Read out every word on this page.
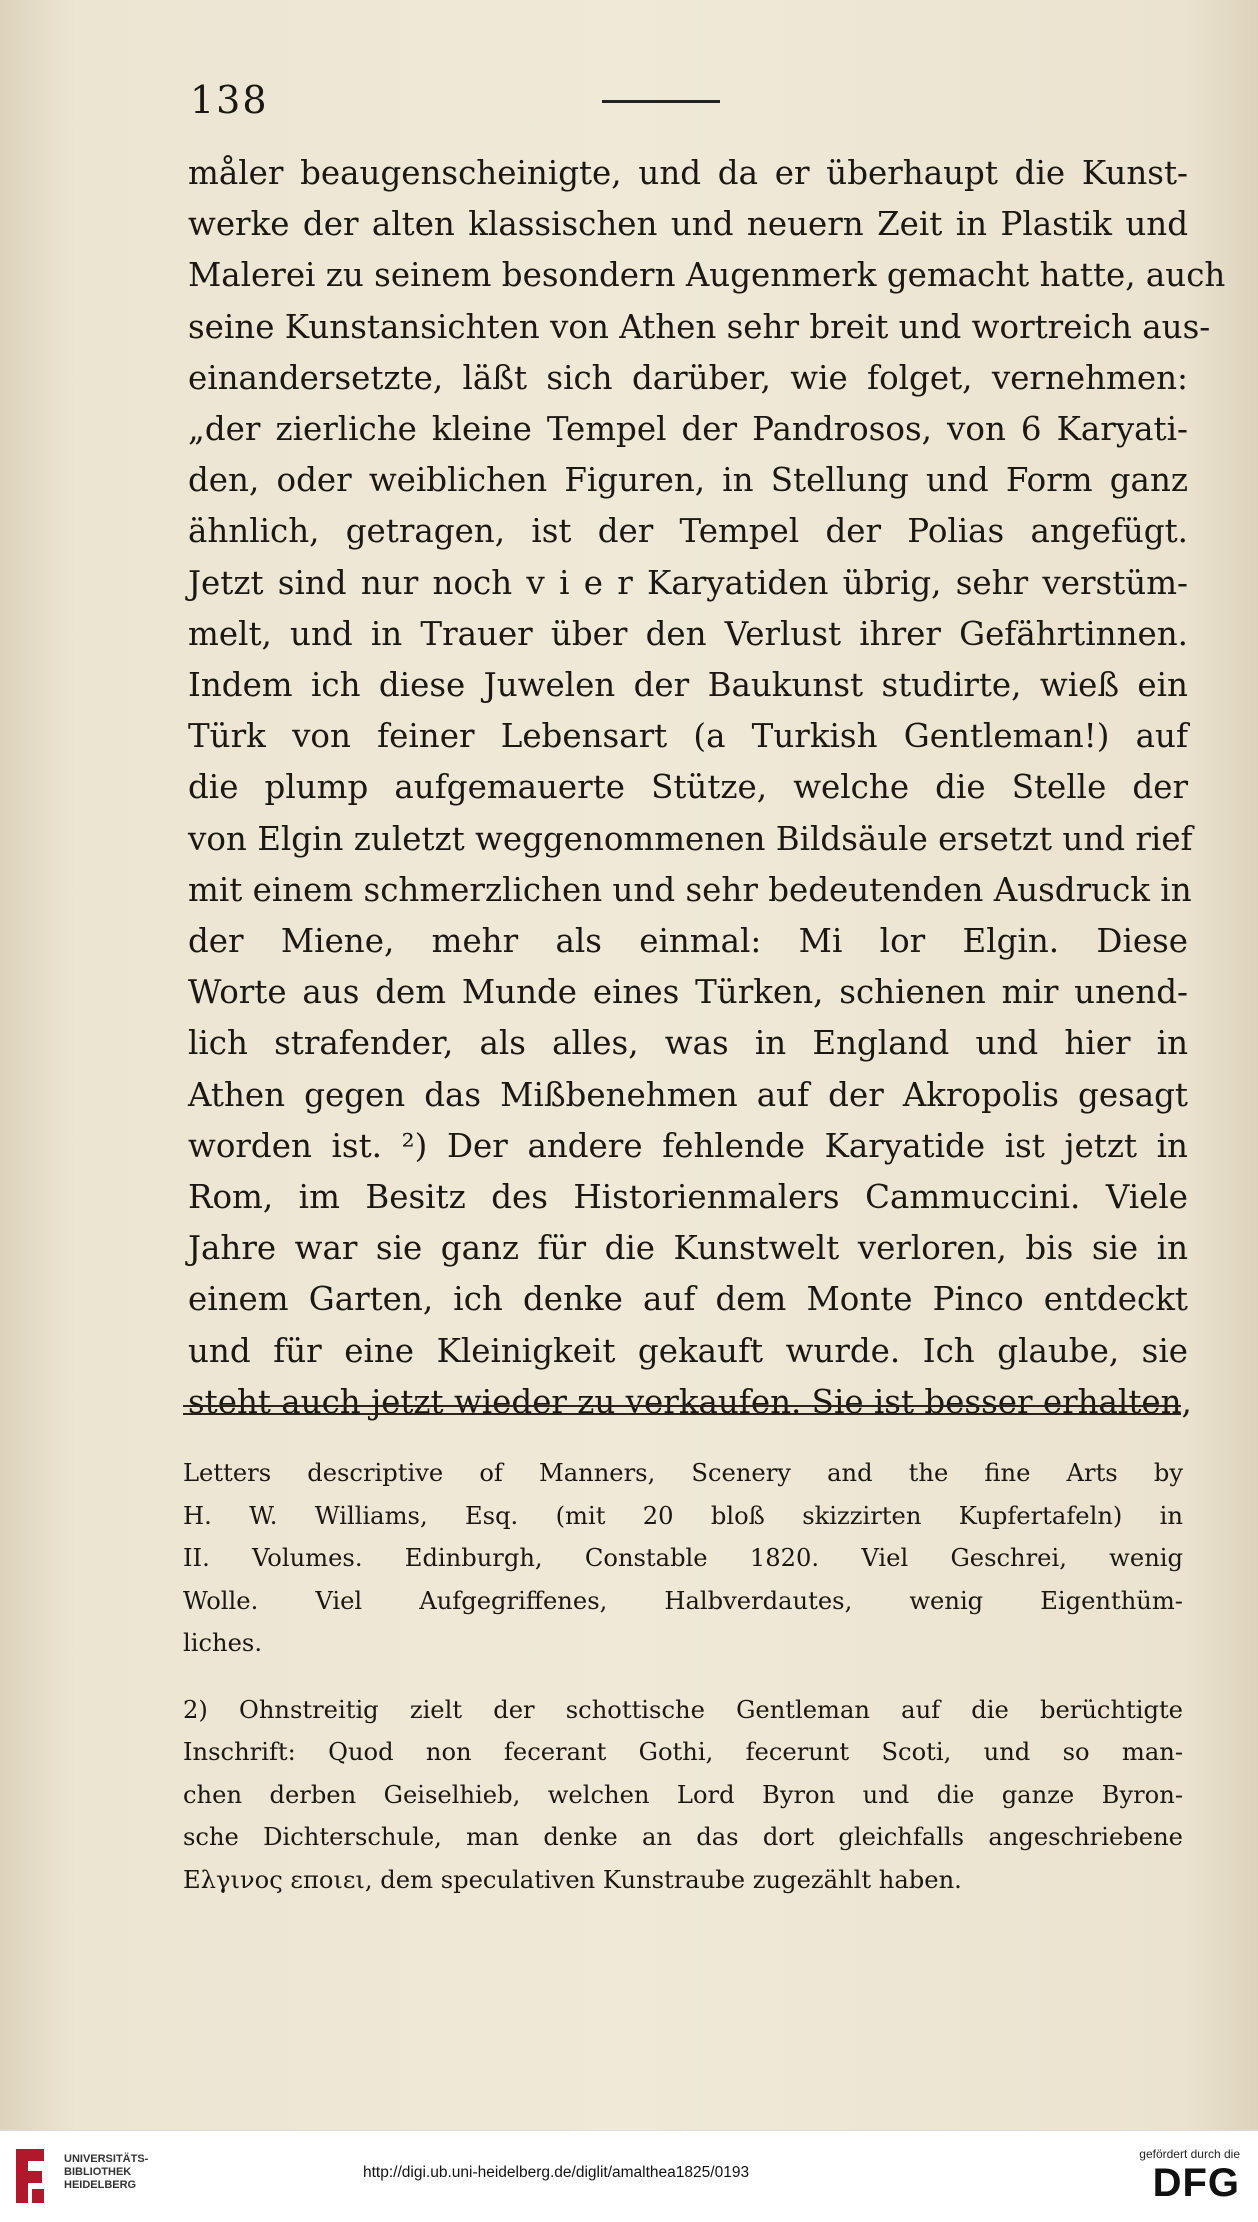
138
måler beaugenscheinigte, und da er überhaupt die Kunst-
werke der alten klassischen und neuern Zeit in Plastik und
Malerei zu seinem besondern Augenmerk gemacht hatte, auch
seine Kunstansichten von Athen sehr breit und wortreich aus-
einandersetzte, läßt sich darüber, wie folget, vernehmen:
„der zierliche kleine Tempel der Pandrosos, von 6 Karyati-
den, oder weiblichen Figuren, in Stellung und Form ganz
ähnlich, getragen, ist der Tempel der Polias angefügt.
Jetzt sind nur noch v i e r Karyatiden übrig, sehr verstüm-
melt, und in Trauer über den Verlust ihrer Gefährtinnen.
Indem ich diese Juwelen der Baukunst studirte, wieß ein
Türk von feiner Lebensart (a Turkish Gentleman!) auf
die plump aufgemauerte Stütze, welche die Stelle der
von Elgin zuletzt weggenommenen Bildsäule ersetzt und rief
mit einem schmerzlichen und sehr bedeutenden Ausdruck in
der Miene, mehr als einmal: Mi lor Elgin. Diese
Worte aus dem Munde eines Türken, schienen mir unend-
lich strafender, als alles, was in England und hier in
Athen gegen das Mißbenehmen auf der Akropolis gesagt
worden ist. ²) Der andere fehlende Karyatide ist jetzt in
Rom, im Besitz des Historienmalers Cammuccini. Viele
Jahre war sie ganz für die Kunstwelt verloren, bis sie in
einem Garten, ich denke auf dem Monte Pinco entdeckt
und für eine Kleinigkeit gekauft wurde. Ich glaube, sie
steht auch jetzt wieder zu verkaufen. Sie ist besser erhalten,
Letters descriptive of Manners, Scenery and the fine Arts by
H. W. Williams, Esq. (mit 20 bloß skizzirten Kupfertafeln) in
II. Volumes. Edinburgh, Constable 1820. Viel Geschrei, wenig
Wolle. Viel Aufgegriffenes, Halbverdautes, wenig Eigenthüm-
liches.
2) Ohnstreitig zielt der schottische Gentleman auf die berüchtigte
Inschrift: Quod non fecerant Gothi, fecerunt Scoti, und so man-
chen derben Geiselhieb, welchen Lord Byron und die ganze Byron-
sche Dichterschule, man denke an das dort gleichfalls angeschriebene
Ελγινος εποιει, dem speculativen Kunstraube zugezählt haben.
UNIVERSITÄTS-
BIBLIOTHEK
HEIDELBERG
http://digi.ub.uni-heidelberg.de/diglit/amalthea1825/0193
gefördert durch die
DFG
